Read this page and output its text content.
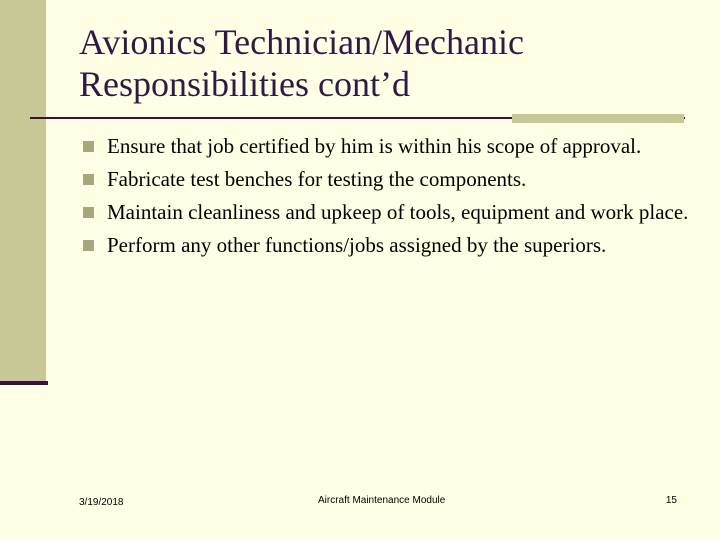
Avionics Technician/Mechanic
Responsibilities cont’d
Ensure that job certified by him is within his scope of approval.
Fabricate test benches for testing the components.
Maintain cleanliness and upkeep of tools, equipment and work place.
Perform any other functions/jobs assigned by the superiors.
3/19/2018	Aircraft Maintenance Module	15
